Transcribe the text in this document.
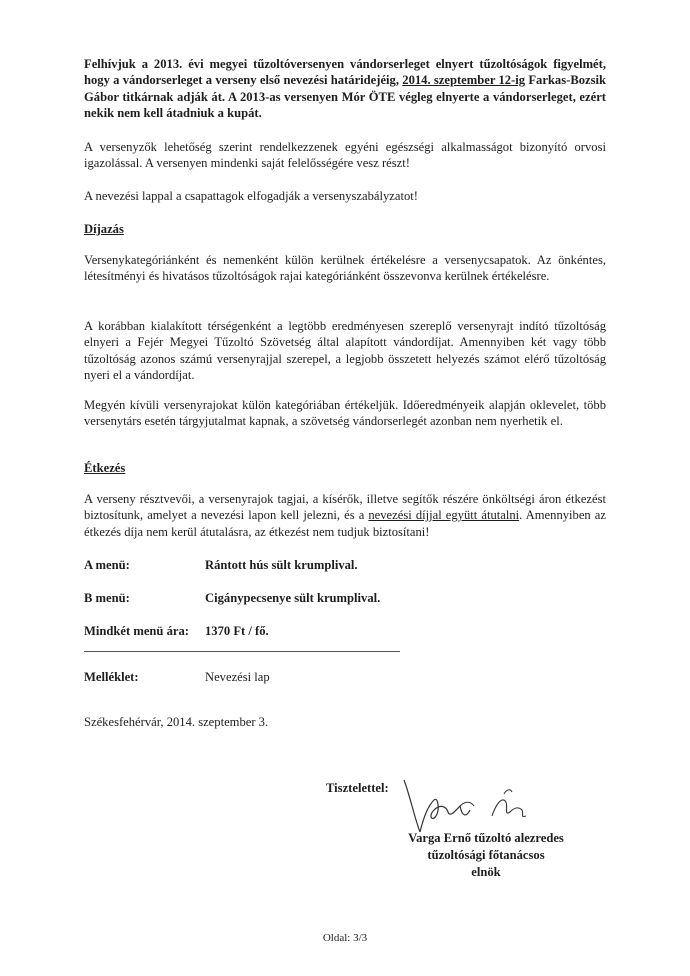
Felhívjuk a 2013. évi megyei tűzoltóversenyen vándorserleget elnyert tűzoltóságok figyelmét, hogy a vándorserleget a verseny első nevezési határidejéig, 2014. szeptember 12-ig Farkas-Bozsik Gábor titkárnak adják át. A 2013-as versenyen Mór ÖTE végleg elnyerte a vándorserleget, ezért nekik nem kell átadniuk a kupát.

A versenyzők lehetőség szerint rendelkezzenek egyéni egészségi alkalmasságot bizonyító orvosi igazolással. A versenyen mindenki saját felelősségére vesz részt!

A nevezési lappal a csapattagok elfogadják a versenyszabályzatot!

Díjazás

Versenykategóriánként és nemenként külön kerülnek értékelésre a versenycsapatok. Az önkéntes, létesítményi és hivatásos tűzoltóságok rajai kategóriánként összevonva kerülnek értékelésre.

A korábban kialakított térségenként a legtöbb eredményesen szereplő versenyrajt indító tűzoltóság elnyeri a Fejér Megyei Tűzoltó Szövetség által alapított vándordíjat. Amennyiben két vagy több tűzoltóság azonos számú versenyrajjal szerepel, a legjobb összetett helyezés számot elérő tűzoltóság nyeri el a vándordíjat.

Megyén kívüli versenyrajokat külön kategóriában értékeljük. Időeredményeik alapján oklevelet, több versenytárs esetén tárgyjutalmat kapnak, a szövetség vándorserlegét azonban nem nyerhetik el.

Étkezés

A verseny résztvevői, a versenyrajok tagjai, a kísérők, illetve segítők részére önköltségi áron étkezést biztosítunk, amelyet a nevezési lapon kell jelezni, és a nevezési díjjal együtt átutalni. Amennyiben az étkezés díja nem kerül átutalásra, az étkezést nem tudjuk biztosítani!

A menü:	Rántott hús sült krumplival.
B menü:	Cigánypecsenye sült krumplival.
Mindkét menü ára: 1370 Ft / fő.
Melléklet:	Nevezési lap

Székesfehérvár, 2014. szeptember 3.

Tisztelettel:

Varga Ernő tűzoltó alezredes
tűzoltósági főtanácsos
elnök

Oldal: 3/3
